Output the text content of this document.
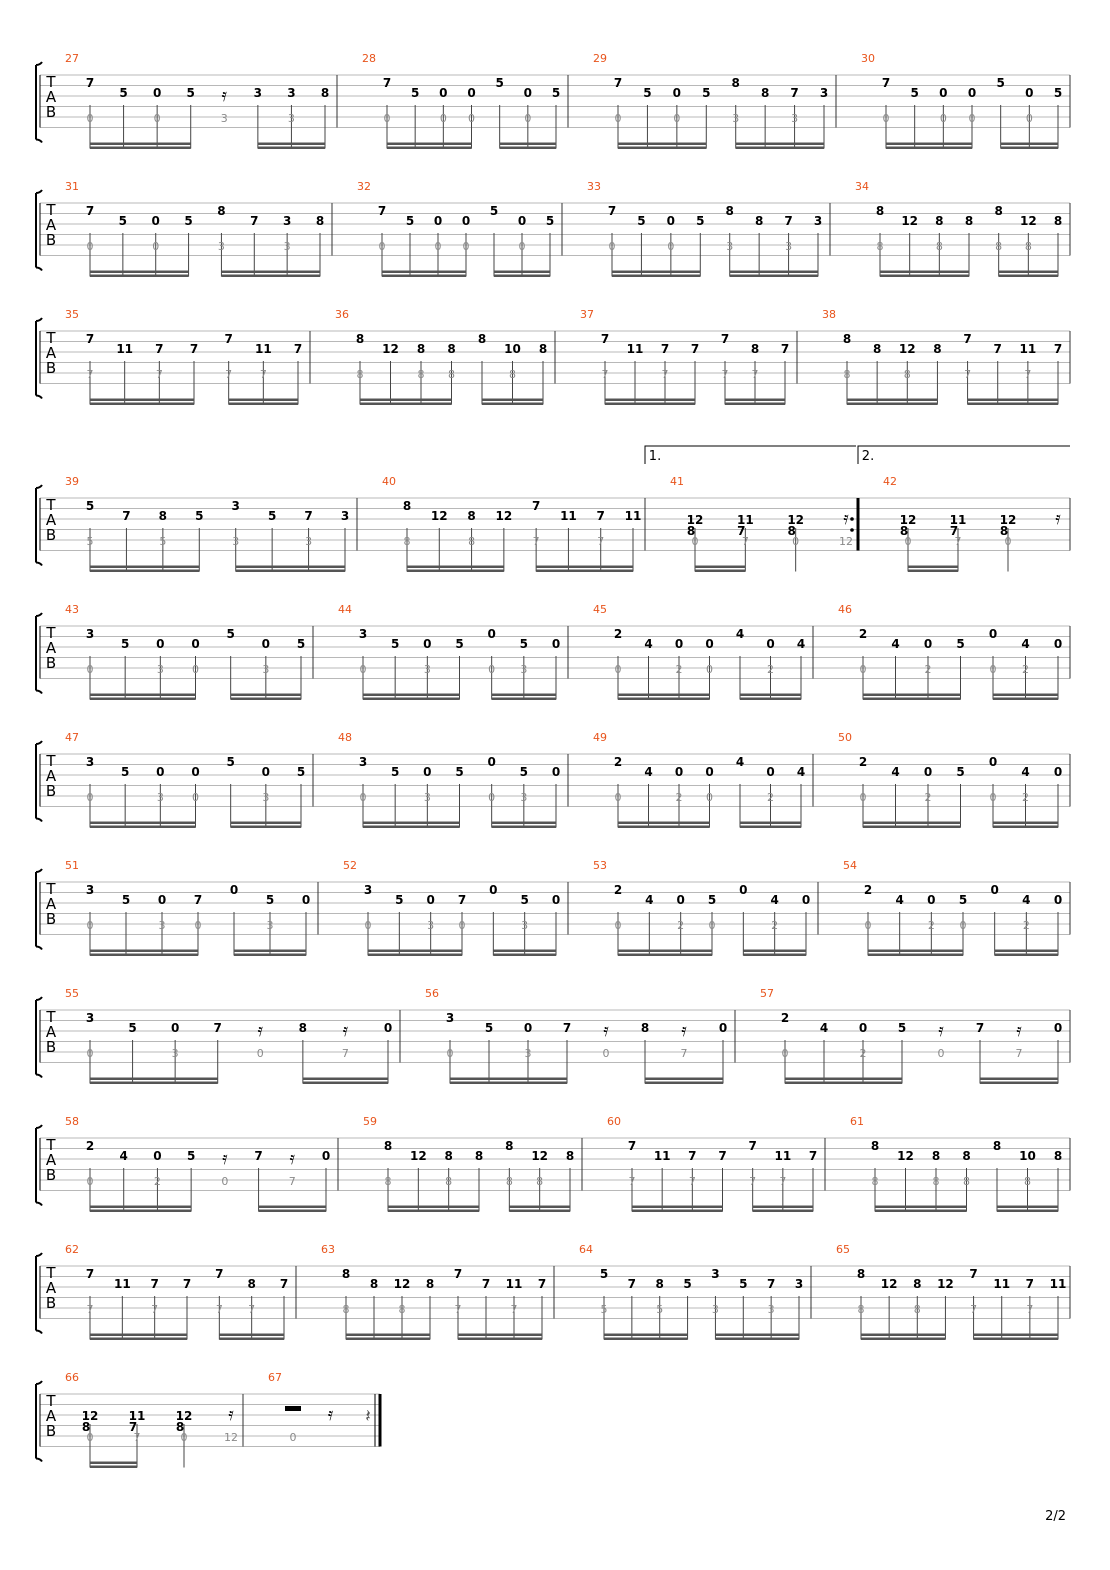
T
A
B
27
7
5 0 5 𝄿 3 3 8
0	0	3	3
28
7
5 0 0
5
0 5
0	0 0	0
29
7
5 0 5
8
8 7 3
0	0	3	3
30
7
5 0 0
5
0 5
0	0 0	0
T
A
B
31
7
5 0 5
8
7 3 8
0	0	3	3
32
7
5 0 0
5
0 5
0	0 0	0
33
7
5 0 5
8
8 7 3
0	0	3	3
34
8
12 8 8
8
12 8
8	8	8 8
T
A
B
35
7
11 7 7
7
11 7
7	7	7	7
36
8
12 8 8
8
10 8
8	8 8	8
37
7
11 7 7
7
8 7
7	7	7 7
38
8
8 12 8
7
7 11 7
8	8	7	7
T
A
B
39
5
7 8 5
3
5 7 3
5	5	3	3
40
8
12 8 12
7
11 7 11
8	8	7	7
41
12
8
11
7
12
8
𝄿
0	7	0	12
42
12
8
11
7
12
8
𝄿
0	7	0
T
A
B
43
3
5 0 0
5
0 5
0	3	0	3
44
3
5 0 5
0
5 0
0	3	0 3
45
2
4 0 0
4
0 4
0	2 0	2
46
2
4 0 5
0
4 0
0	2	0 2
T
A
B
47
3
5 0 0
5
0 5
0	3	0	3
48
3
5 0 5
0
5 0
0	3	0 3
49
2
4 0 0
4
0 4
0	2 0	2
50
2
4 0 5
0
4 0
0	2	0 2
T
A
B
51
3
5 0 7
0
5 0
0	3	0	3
52
3
5 0 7
0
5 0
0	3 0	3
53
2
4 0 5
0
4 0
0	2 0	2
54
2
4 0 5
0
4 0
0	2 0	2
T
A
B
55
3
5	0	7 𝄿	8 𝄿	0
0	3	0	7
56
3
5	0	7 𝄿	8 𝄿	0
0	3	0	7
57
2
4	0	5 𝄿	7 𝄿	0
0	2	0	7
T
A
B
58
2
4 0 5 𝄿 7 𝄿 0
0	2	0	7
59
8
12 8 8
8
12 8
8	8	8 8
60
7
11 7 7
7
11 7
7	7	7 7
61
8
12 8 8
8
10 8
8	8 8	8
T
A
B
62
7
11 7 7
7
8 7
7	7	7 7
63
8
8 12 8
7
7 11 7
8	8	7	7
64
5
7 8 5
3
5 7 3
5	5	3	3
65
8
12 8 12
7
11 7 11
8	8	7	7
T
A
B
66
12
8
11
7
12
8
𝄿
0	7	0	12
67
𝄿 𝄽
0
1.	2.
2/2
